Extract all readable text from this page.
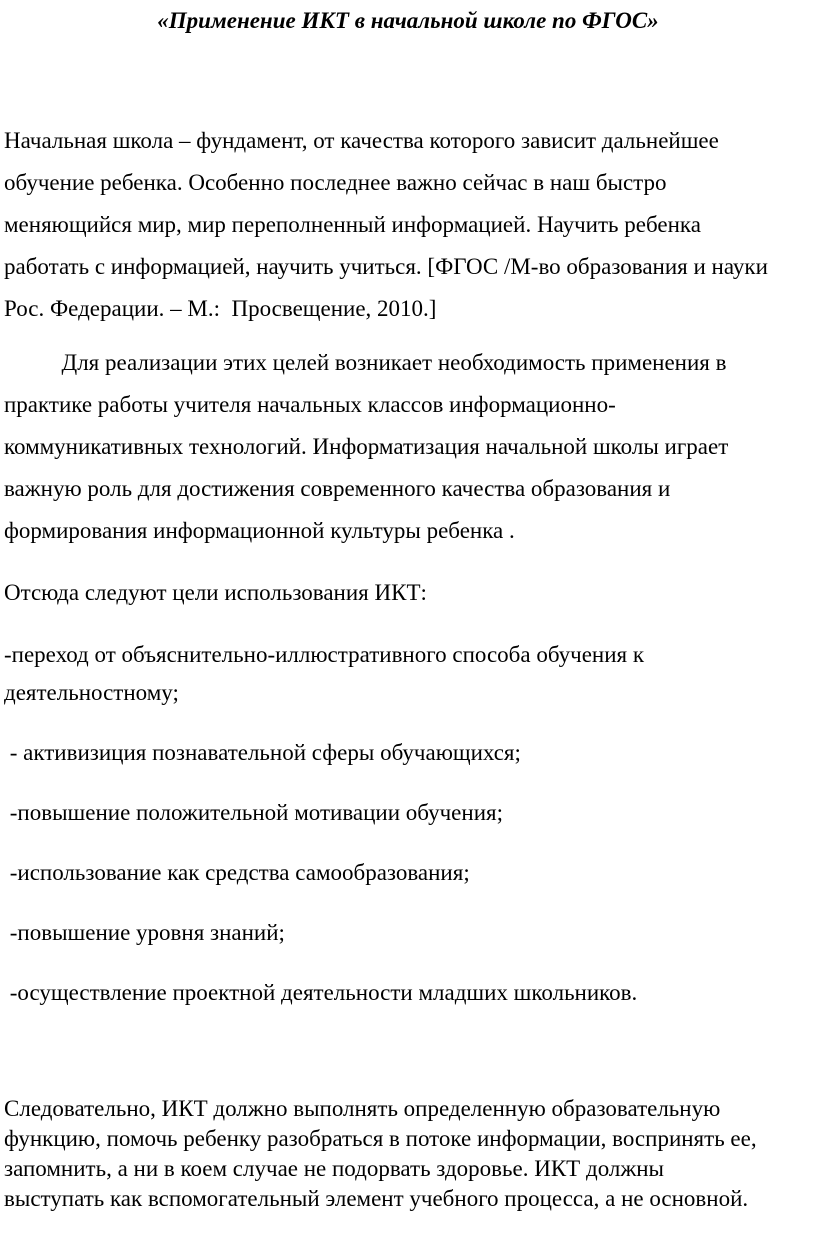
«Применение ИКТ в начальной школе по ФГОС»

Начальная школа – фундамент, от качества которого зависит дальнейшее
обучение ребенка. Особенно последнее важно сейчас в наш быстро
меняющийся мир, мир переполненный информацией. Научить ребенка
работать с информацией, научить учиться. [ФГОС /М-во образования и науки
Рос. Федерации. – М.:  Просвещение, 2010.]

Для реализации этих целей возникает необходимость применения в
практике работы учителя начальных классов информационно-
коммуникативных технологий. Информатизация начальной школы играет
важную роль для достижения современного качества образования и
формирования информационной культуры ребенка .

Отсюда следуют цели использования ИКТ:

-переход от объяснительно-иллюстративного способа обучения к
деятельностному;

- активизиция познавательной сферы обучающихся;

-повышение положительной мотивации обучения;

-использование как средства самообразования;

-повышение уровня знаний;

-осуществление проектной деятельности младших школьников.

Следовательно, ИКТ должно выполнять определенную образовательную
функцию, помочь ребенку разобраться в потоке информации, воспринять ее,
запомнить, а ни в коем случае не подорвать здоровье. ИКТ должны
выступать как вспомогательный элемент учебного процесса, а не основной.
